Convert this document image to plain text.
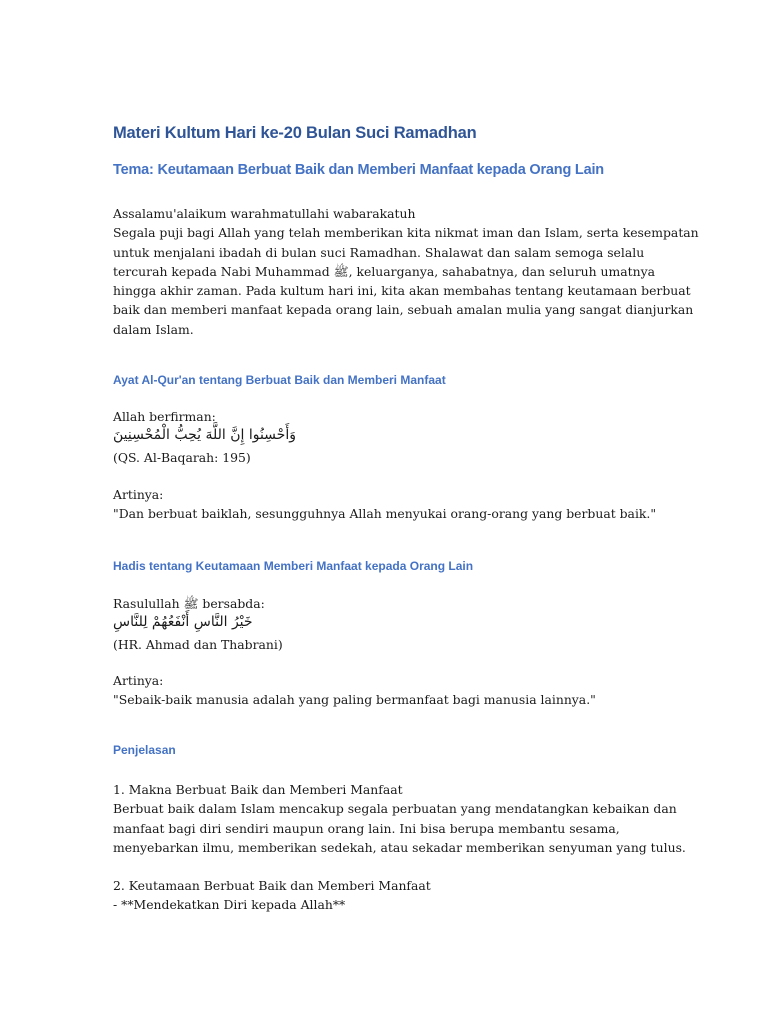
Materi Kultum Hari ke-20 Bulan Suci Ramadhan
Tema: Keutamaan Berbuat Baik dan Memberi Manfaat kepada Orang Lain
Assalamu'alaikum warahmatullahi wabarakatuh
Segala puji bagi Allah yang telah memberikan kita nikmat iman dan Islam, serta kesempatan
untuk menjalani ibadah di bulan suci Ramadhan. Shalawat dan salam semoga selalu
tercurah kepada Nabi Muhammad ﷺ, keluarganya, sahabatnya, dan seluruh umatnya
hingga akhir zaman. Pada kultum hari ini, kita akan membahas tentang keutamaan berbuat
baik dan memberi manfaat kepada orang lain, sebuah amalan mulia yang sangat dianjurkan
dalam Islam.
Ayat Al-Qur'an tentang Berbuat Baik dan Memberi Manfaat
Allah berfirman:
وَأَحْسِنُوا إِنَّ اللَّهَ يُحِبُّ الْمُحْسِنِينَ
(QS. Al-Baqarah: 195)
Artinya:
"Dan berbuat baiklah, sesungguhnya Allah menyukai orang-orang yang berbuat baik."
Hadis tentang Keutamaan Memberi Manfaat kepada Orang Lain
Rasulullah ﷺ bersabda:
خَيْرُ النَّاسِ أَنْفَعُهُمْ لِلنَّاسِ
(HR. Ahmad dan Thabrani)
Artinya:
"Sebaik-baik manusia adalah yang paling bermanfaat bagi manusia lainnya."
Penjelasan
1. Makna Berbuat Baik dan Memberi Manfaat
Berbuat baik dalam Islam mencakup segala perbuatan yang mendatangkan kebaikan dan
manfaat bagi diri sendiri maupun orang lain. Ini bisa berupa membantu sesama,
menyebarkan ilmu, memberikan sedekah, atau sekadar memberikan senyuman yang tulus.
2. Keutamaan Berbuat Baik dan Memberi Manfaat
- **Mendekatkan Diri kepada Allah**
